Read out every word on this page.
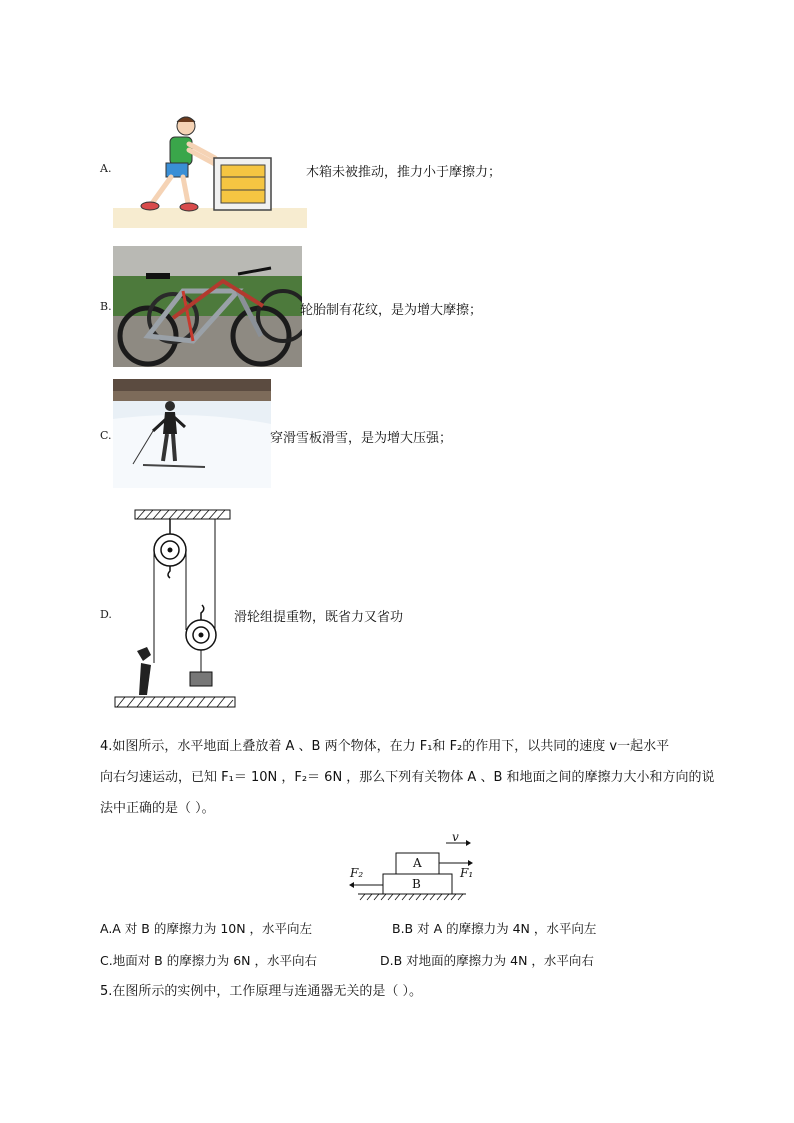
A.	木箱未被推动，推力小于摩擦力；
B.	轮胎制有花纹，是为增大摩擦；
C.	穿滑雪板滑雪，是为增大压强；
D.	滑轮组提重物，既省力又省功
4.如图所示，水平地面上叠放着 A 、B 两个物体，在力 F₁和 F₂的作用下，以共同的速度 v一起水平
向右匀速运动，已知 F₁＝ 10N ，F₂＝ 6N ，那么下列有关物体 A 、B 和地面之间的摩擦力大小和方向的说
法中正确的是（ ）。
v
A
B
F₂	F₁
A.A 对 B 的摩擦力为 10N ，水平向左	B.B 对 A 的摩擦力为 4N ，水平向左
C.地面对 B 的摩擦力为 6N ，水平向右	D.B 对地面的摩擦力为 4N ，水平向右
5.在图所示的实例中，工作原理与连通器无关的是（ ）。
